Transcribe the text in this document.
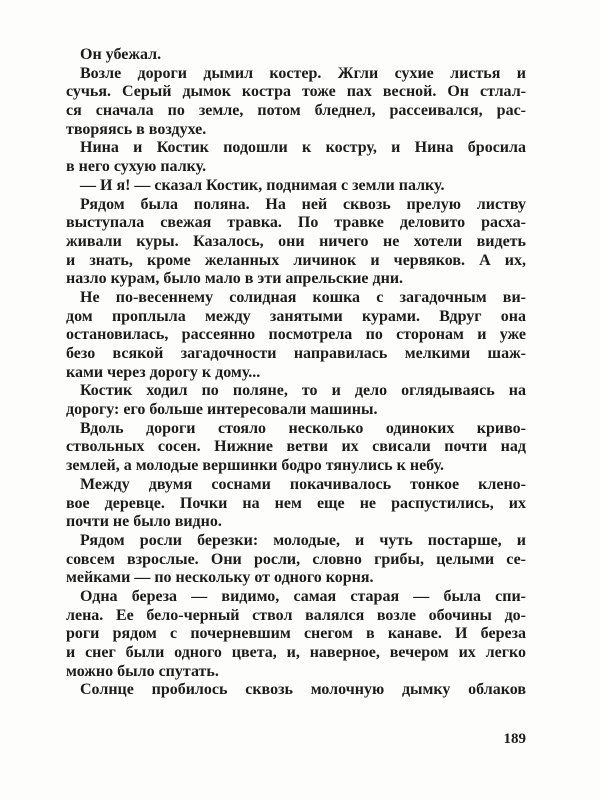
Он убежал.
Возле дороги дымил костер. Жгли сухие листья и
сучья. Серый дымок костра тоже пах весной. Он стлал-
ся сначала по земле, потом бледнел, рассеивался, рас-
творяясь в воздухе.
Нина и Костик подошли к костру, и Нина бросила
в него сухую палку.
— И я! — сказал Костик, поднимая с земли палку.
Рядом была поляна. На ней сквозь прелую листву
выступала свежая травка. По травке деловито расха-
живали куры. Казалось, они ничего не хотели видеть
и знать, кроме желанных личинок и червяков. А их,
назло курам, было мало в эти апрельские дни.
Не по-весеннему солидная кошка с загадочным ви-
дом проплыла между занятыми курами. Вдруг она
остановилась, рассеянно посмотрела по сторонам и уже
безо всякой загадочности направилась мелкими шаж-
ками через дорогу к дому...
Костик ходил по поляне, то и дело оглядываясь на
дорогу: его больше интересовали машины.
Вдоль дороги стояло несколько одиноких криво-
ствольных сосен. Нижние ветви их свисали почти над
землей, а молодые вершинки бодро тянулись к небу.
Между двумя соснами покачивалось тонкое клено-
вое деревце. Почки на нем еще не распустились, их
почти не было видно.
Рядом росли березки: молодые, и чуть постарше, и
совсем взрослые. Они росли, словно грибы, целыми се-
мейками — по нескольку от одного корня.
Одна береза — видимо, самая старая — была спи-
лена. Ее бело-черный ствол валялся возле обочины до-
роги рядом с почерневшим снегом в канаве. И береза
и снег были одного цвета, и, наверное, вечером их легко
можно было спутать.
Солнце пробилось сквозь молочную дымку облаков
189
